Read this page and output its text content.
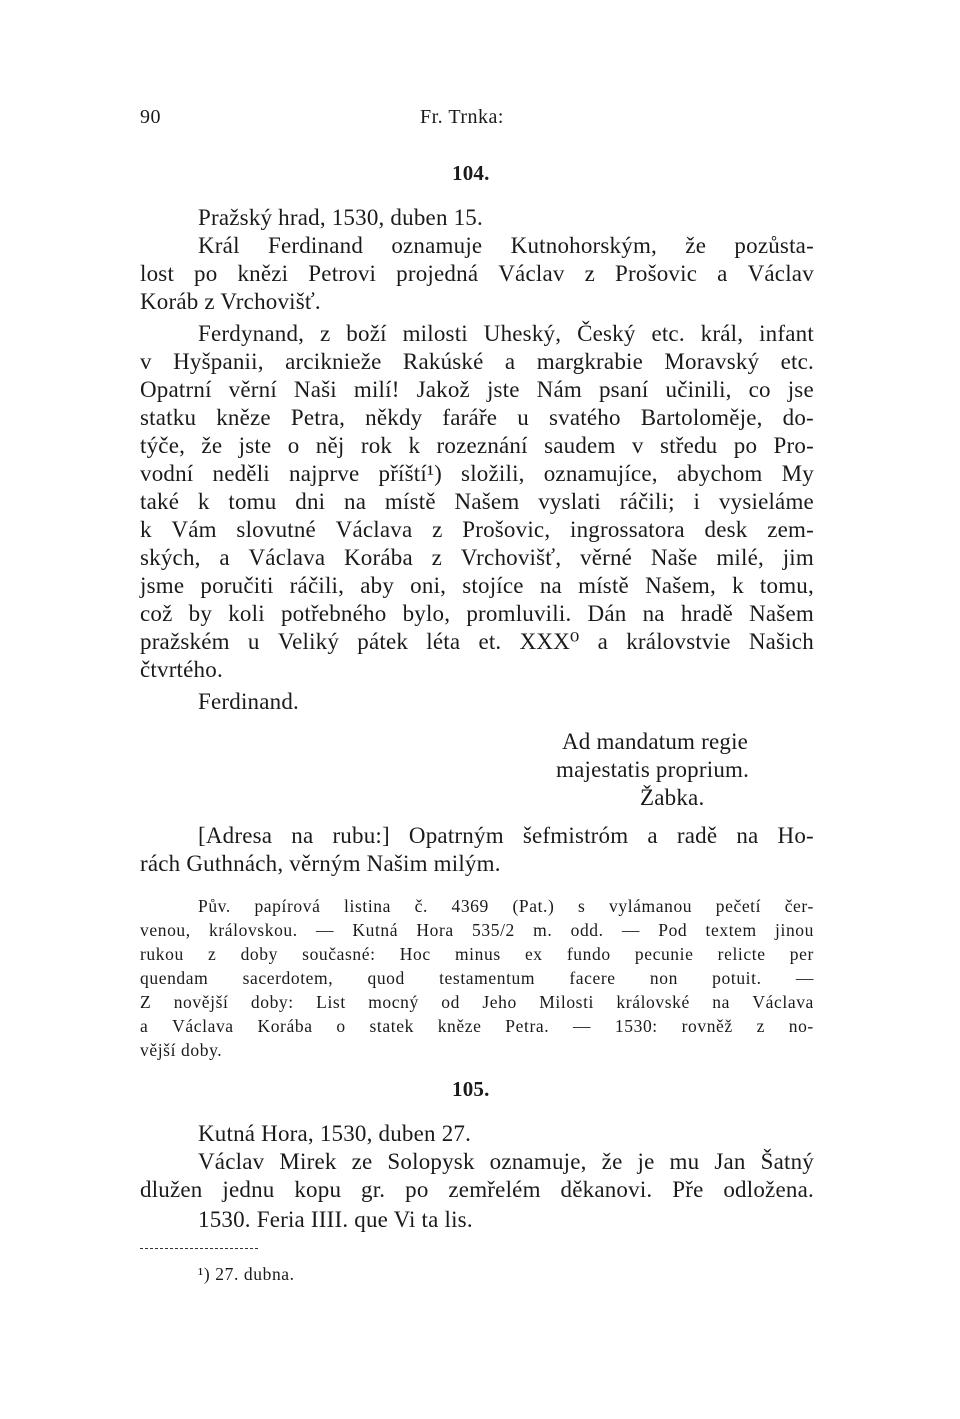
90	Fr. Trnka:
104.
Pražský hrad, 1530, duben 15.
Král Ferdinand oznamuje Kutnohorským, že pozůsta-
lost po knězi Petrovi projedná Václav z Prošovic a Václav
Koráb z Vrchovišť.
Ferdynand, z boží milosti Uheský, Český etc. král, infant
v Hyšpanii, arcikniežе Rakúské a margkrabie Moravský etc.
Opatrní věrní Naši milí! Jakož jste Nám psaní učinili, co jse
statku kněze Petra, někdy faráře u svatého Bartoloměje, do-
týče, že jste o něj rok k rozeznání saudem v středu po Pro-
vodní neděli najprve příští¹) složili, oznamujíce, abychom My
také k tomu dni na místě Našem vyslati ráčili; i vysieláme
k Vám slovutné Václava z Prošovic, ingrossatora desk zem-
ských, a Václava Korába z Vrchovišť, věrné Naše milé, jim
jsme poručiti ráčili, aby oni, stojíce na místě Našem, k tomu,
což by koli potřebného bylo, promluvili. Dán na hradě Našem
pražském u Veliký pátek léta et. XXX⁰ a královstvie Našich
čtvrtého.
Ferdinand.
Ad mandatum regie
majestatis proprium.
Žabka.
[Adresa na rubu:] Opatrným šefmistróm a radě na Ho-
rách Guthnách, věrným Našim milým.
Pův. papírová listina č. 4369 (Pat.) s vylámanou pečetí čer-
venou, královskou. — Kutná Hora 535/2 m. odd. — Pod textem jinou
rukou z doby současné: Hoc minus ex fundo pecunie relicte per
quendam sacerdotem, quod testamentum facere non potuit. —
Z novější doby: List mocný od Jeho Milosti královské na Václava
a Václava Korába o statek kněze Petra. — 1530: rovněž z no-
vější doby.
105.
Kutná Hora, 1530, duben 27.
Václav Mirek ze Solopysk oznamuje, že je mu Jan Šatný
dlužen jednu kopu gr. po zemřelém děkanovi. Pře odložena.
1530. Feria IIII. que Vi ta lis.
¹) 27. dubna.
